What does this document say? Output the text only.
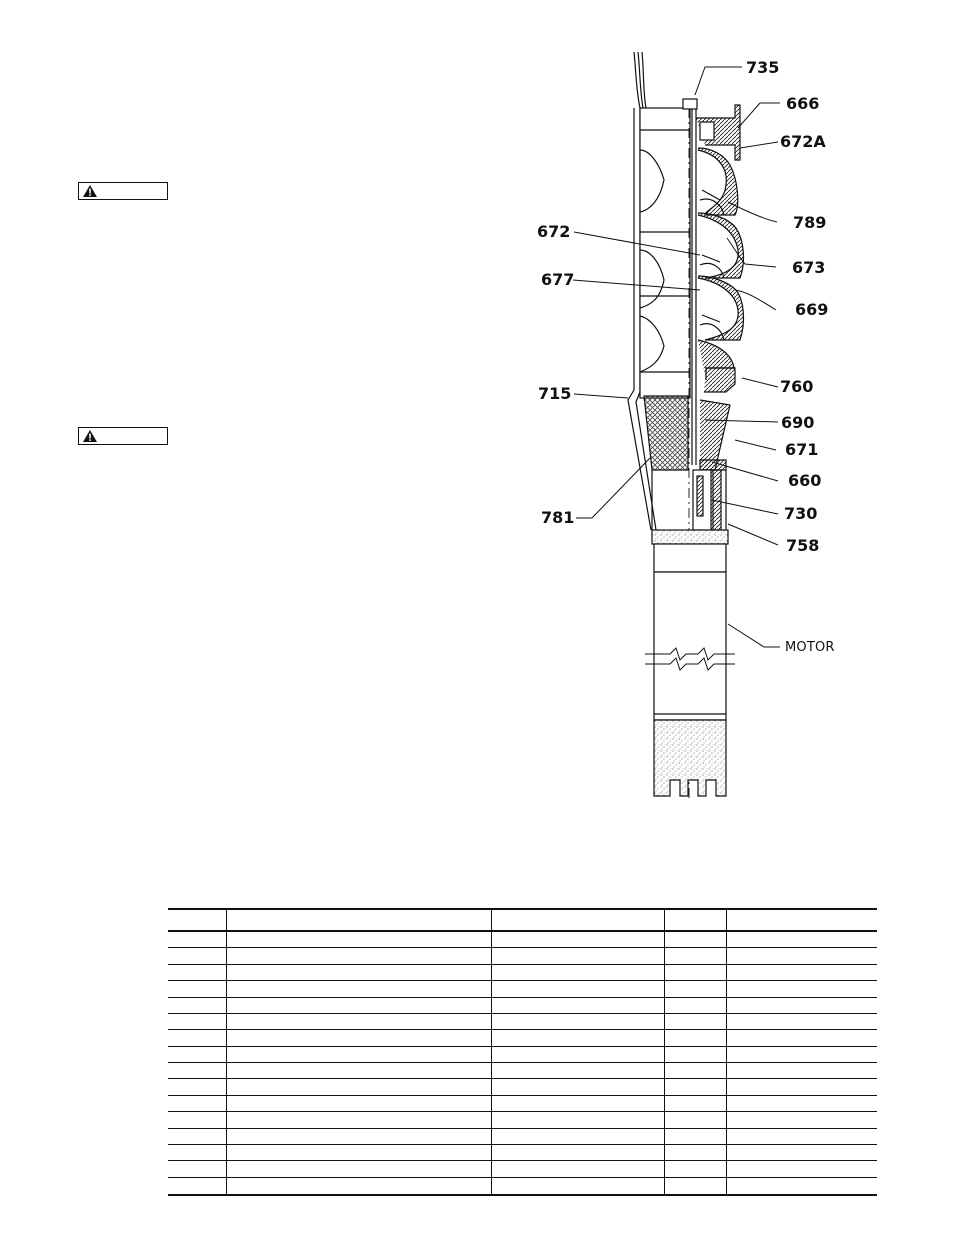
735
666
672A
789
672
673
677
669
760
715
690
671
660
781	730
758
MOTOR
